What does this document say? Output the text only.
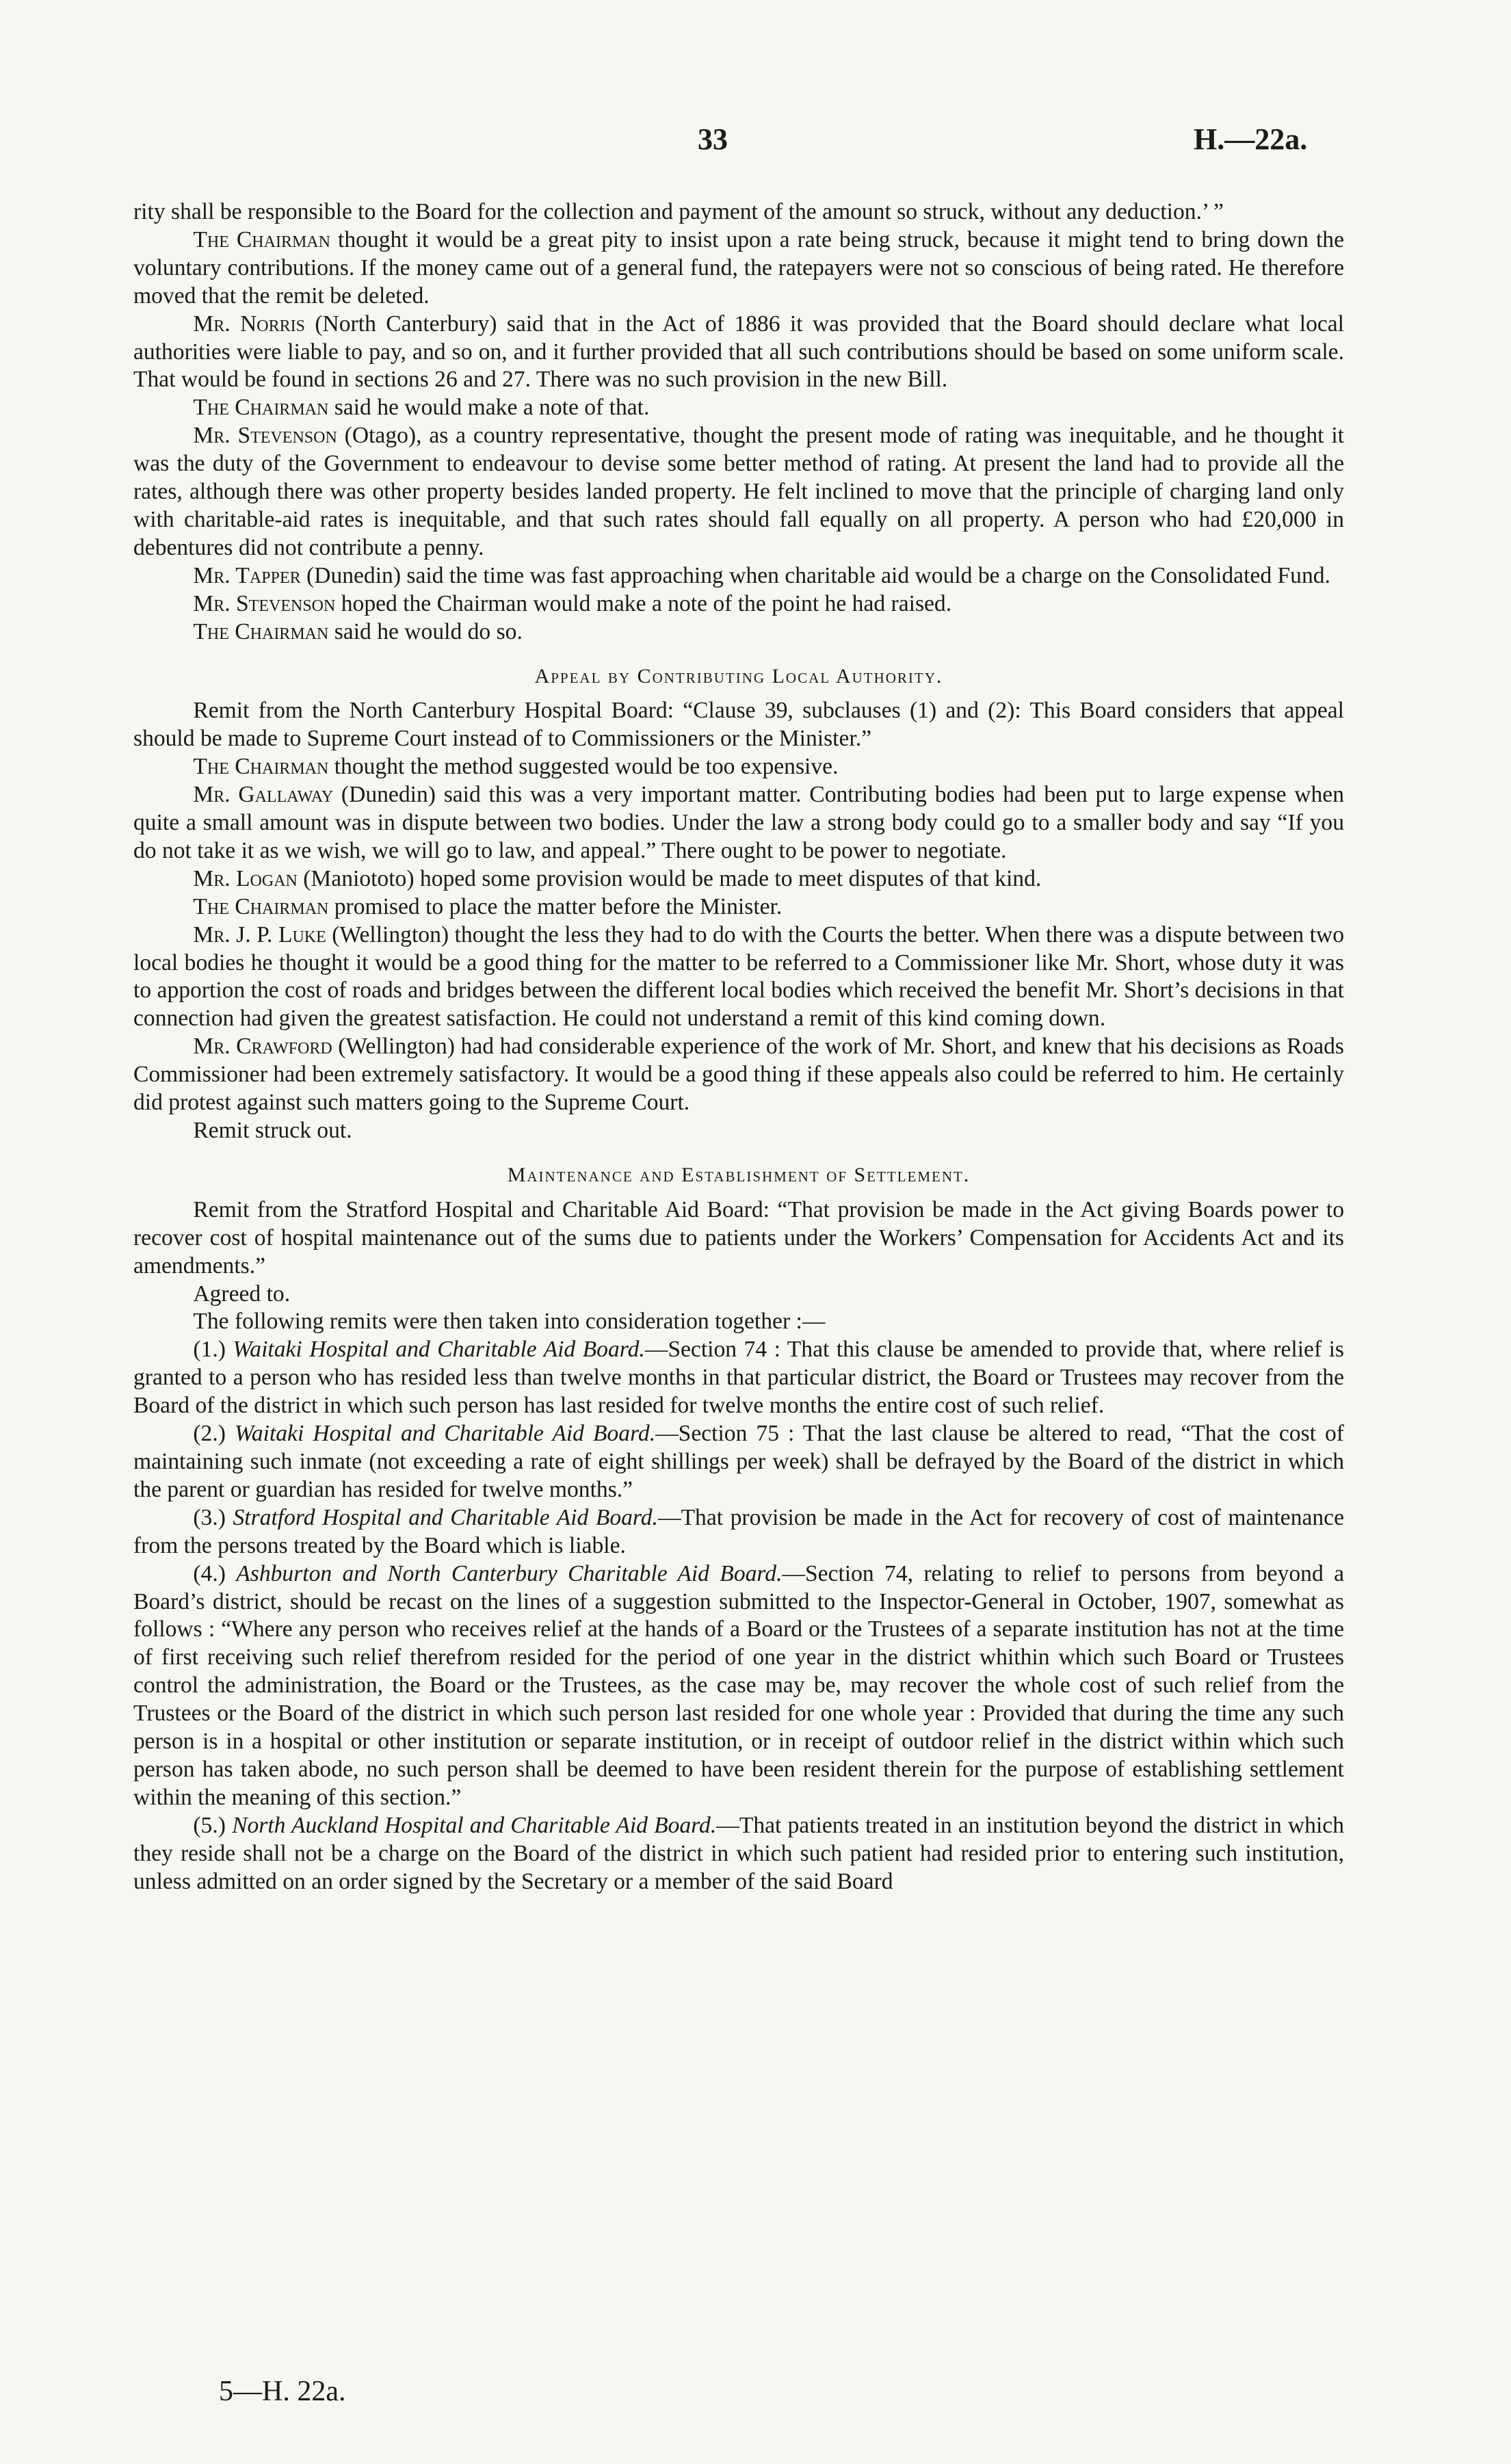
33	H.—22a.

rity shall be responsible to the Board for the collection and payment of the amount so struck, without any deduction.’ ”

The Chairman thought it would be a great pity to insist upon a rate being struck, because it might tend to bring down the voluntary contributions. If the money came out of a general fund, the ratepayers were not so conscious of being rated. He therefore moved that the remit be deleted.

Mr. Norris (North Canterbury) said that in the Act of 1886 it was provided that the Board should declare what local authorities were liable to pay, and so on, and it further provided that all such contributions should be based on some uniform scale. That would be found in sections 26 and 27. There was no such provision in the new Bill.

The Chairman said he would make a note of that.

Mr. Stevenson (Otago), as a country representative, thought the present mode of rating was inequitable, and he thought it was the duty of the Government to endeavour to devise some better method of rating. At present the land had to provide all the rates, although there was other property besides landed property. He felt inclined to move that the principle of charging land only with charitable-aid rates is inequitable, and that such rates should fall equally on all property. A person who had £20,000 in debentures did not contribute a penny.

Mr. Tapper (Dunedin) said the time was fast approaching when charitable aid would be a charge on the Consolidated Fund.

Mr. Stevenson hoped the Chairman would make a note of the point he had raised.

The Chairman said he would do so.

Appeal by Contributing Local Authority.

Remit from the North Canterbury Hospital Board: “Clause 39, subclauses (1) and (2): This Board considers that appeal should be made to Supreme Court instead of to Commissioners or the Minister.”

The Chairman thought the method suggested would be too expensive.

Mr. Gallaway (Dunedin) said this was a very important matter. Contributing bodies had been put to large expense when quite a small amount was in dispute between two bodies. Under the law a strong body could go to a smaller body and say “If you do not take it as we wish, we will go to law, and appeal.” There ought to be power to negotiate.

Mr. Logan (Maniototo) hoped some provision would be made to meet disputes of that kind.

The Chairman promised to place the matter before the Minister.

Mr. J. P. Luke (Wellington) thought the less they had to do with the Courts the better. When there was a dispute between two local bodies he thought it would be a good thing for the matter to be referred to a Commissioner like Mr. Short, whose duty it was to apportion the cost of roads and bridges between the different local bodies which received the benefit Mr. Short’s decisions in that connection had given the greatest satisfaction. He could not understand a remit of this kind coming down.

Mr. Crawford (Wellington) had had considerable experience of the work of Mr. Short, and knew that his decisions as Roads Commissioner had been extremely satisfactory. It would be a good thing if these appeals also could be referred to him. He certainly did protest against such matters going to the Supreme Court.

Remit struck out.

Maintenance and Establishment of Settlement.

Remit from the Stratford Hospital and Charitable Aid Board: “That provision be made in the Act giving Boards power to recover cost of hospital maintenance out of the sums due to patients under the Workers’ Compensation for Accidents Act and its amendments.”

Agreed to.

The following remits were then taken into consideration together :—

(1.) Waitaki Hospital and Charitable Aid Board.—Section 74 : That this clause be amended to provide that, where relief is granted to a person who has resided less than twelve months in that particular district, the Board or Trustees may recover from the Board of the district in which such person has last resided for twelve months the entire cost of such relief.

(2.) Waitaki Hospital and Charitable Aid Board.—Section 75 : That the last clause be altered to read, “That the cost of maintaining such inmate (not exceeding a rate of eight shillings per week) shall be defrayed by the Board of the district in which the parent or guardian has resided for twelve months.”

(3.) Stratford Hospital and Charitable Aid Board.—That provision be made in the Act for recovery of cost of maintenance from the persons treated by the Board which is liable.

(4.) Ashburton and North Canterbury Charitable Aid Board.—Section 74, relating to relief to persons from beyond a Board’s district, should be recast on the lines of a suggestion submitted to the Inspector-General in October, 1907, somewhat as follows : “Where any person who receives relief at the hands of a Board or the Trustees of a separate institution has not at the time of first receiving such relief therefrom resided for the period of one year in the district whithin which such Board or Trustees control the administration, the Board or the Trustees, as the case may be, may recover the whole cost of such relief from the Trustees or the Board of the district in which such person last resided for one whole year : Provided that during the time any such person is in a hospital or other institution or separate institution, or in receipt of outdoor relief in the district within which such person has taken abode, no such person shall be deemed to have been resident therein for the purpose of establishing settlement within the meaning of this section.”

(5.) North Auckland Hospital and Charitable Aid Board.—That patients treated in an institution beyond the district in which they reside shall not be a charge on the Board of the district in which such patient had resided prior to entering such institution, unless admitted on an order signed by the Secretary or a member of the said Board

5—H. 22a.
